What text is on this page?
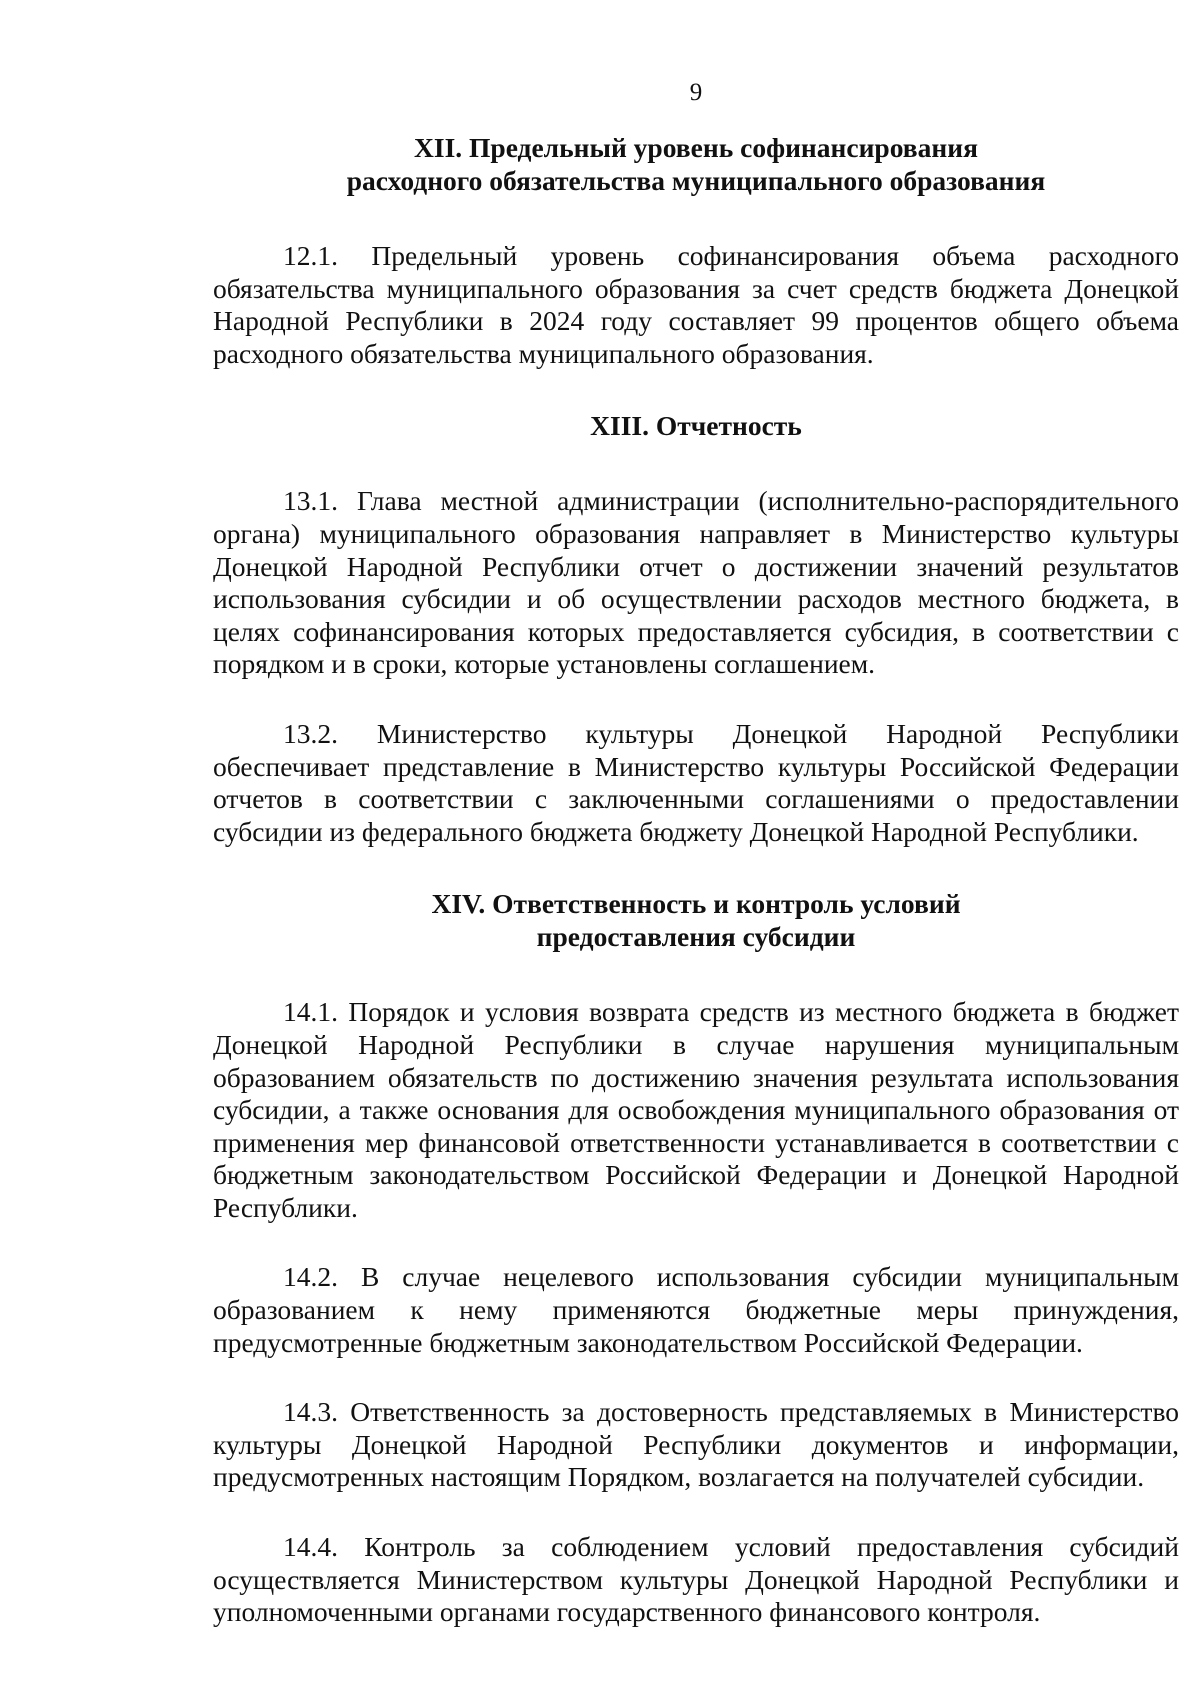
9
XII. Предельный уровень софинансирования
расходного обязательства муниципального образования

12.1. Предельный уровень софинансирования объема расходного обязательства муниципального образования за счет средств бюджета Донецкой Народной Республики в 2024 году составляет 99 процентов общего объема расходного обязательства муниципального образования.

XIII. Отчетность

13.1. Глава местной администрации (исполнительно-распорядительного органа) муниципального образования направляет в Министерство культуры Донецкой Народной Республики отчет о достижении значений результатов использования субсидии и об осуществлении расходов местного бюджета, в целях софинансирования которых предоставляется субсидия, в соответствии с порядком и в сроки, которые установлены соглашением.

13.2. Министерство культуры Донецкой Народной Республики обеспечивает представление в Министерство культуры Российской Федерации отчетов в соответствии с заключенными соглашениями о предоставлении субсидии из федерального бюджета бюджету Донецкой Народной Республики.

XIV. Ответственность и контроль условий
предоставления субсидии

14.1. Порядок и условия возврата средств из местного бюджета в бюджет Донецкой Народной Республики в случае нарушения муниципальным образованием обязательств по достижению значения результата использования субсидии, а также основания для освобождения муниципального образования от применения мер финансовой ответственности устанавливается в соответствии с бюджетным законодательством Российской Федерации и Донецкой Народной Республики.

14.2. В случае нецелевого использования субсидии муниципальным образованием к нему применяются бюджетные меры принуждения, предусмотренные бюджетным законодательством Российской Федерации.

14.3. Ответственность за достоверность представляемых в Министерство культуры Донецкой Народной Республики документов и информации, предусмотренных настоящим Порядком, возлагается на получателей субсидии.

14.4. Контроль за соблюдением условий предоставления субсидий осуществляется Министерством культуры Донецкой Народной Республики и уполномоченными органами государственного финансового контроля.
